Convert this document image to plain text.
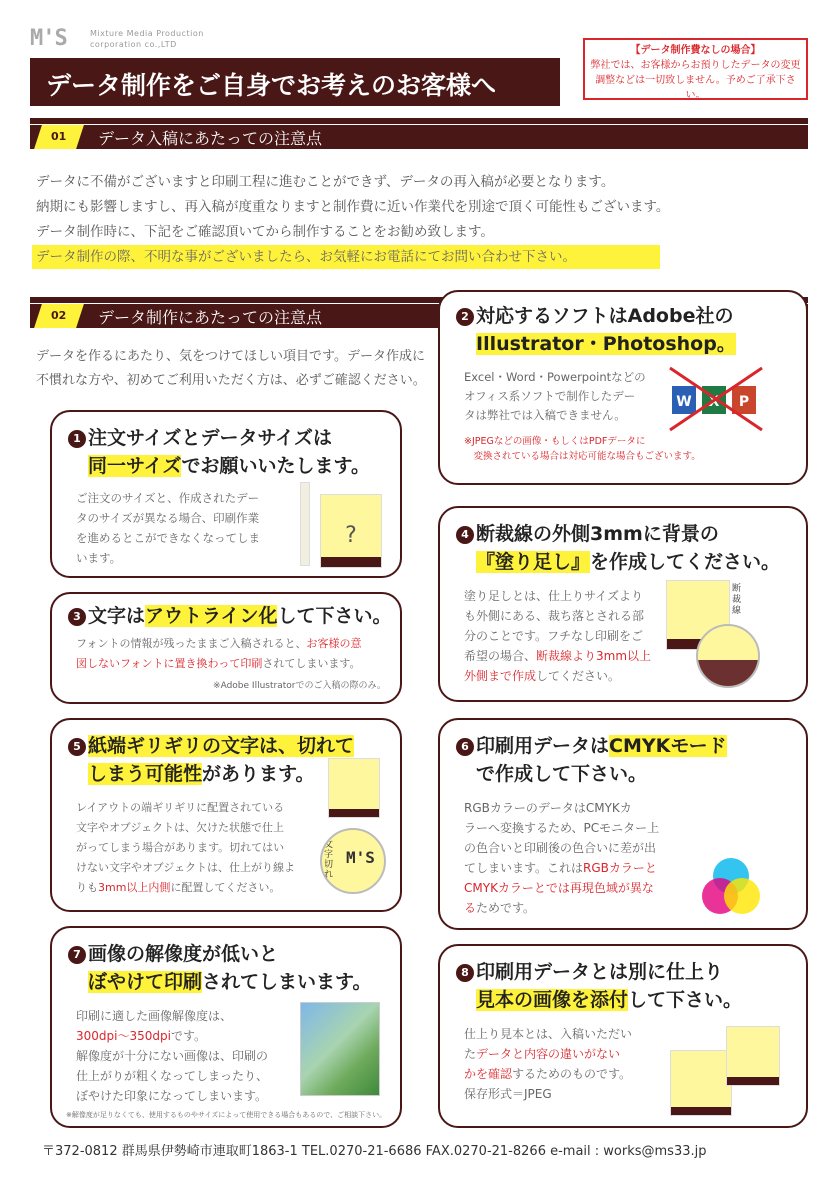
M'S	Mixture Media Production
corporation co.,LTD
データ制作をご自身でお考えのお客様へ
【データ制作費なしの場合】
弊社では、お客様からお預りしたデータの変更
調整などは一切致しません。予めご了承下さい。
01	データ入稿にあたっての注意点
データに不備がございますと印刷工程に進むことができず、データの再入稿が必要となります。
納期にも影響しますし、再入稿が度重なりますと制作費に近い作業代を別途で頂く可能性もございます。
データ制作時に、下記をご確認頂いてから制作することをお勧め致します。
データ制作の際、不明な事がございましたら、お気軽にお電話にてお問い合わせ下さい。
02	データ制作にあたっての注意点
データを作るにあたり、気をつけてほしい項目です。データ作成に
不慣れな方や、初めてご利用いただく方は、必ずご確認ください。
2 対応するソフトはAdobe社の
Illustrator・Photoshop。
Excel・Word・Powerpointなどの
オフィス系ソフトで制作したデー
タは弊社では入稿できません。
※JPEGなどの画像・もしくはPDFデータに
　変換されている場合は対応可能な場合もございます。
W	P
1 注文サイズとデータサイズは
同一サイズでお願いいたします。
ご注文のサイズと、作成されたデー
タのサイズが異なる場合、印刷作業
を進めるとこができなくなってしま
います。
?	4 断裁線の外側3mmに背景の
『塗り足し』を作成してください。
塗り足しとは、仕上りサイズより
も外側にある、裁ち落とされる部
分のことです。フチなし印刷をご
希望の場合、断裁線より3mm以上
外側まで作成してください。
断裁線
3 文字はアウトライン化して下さい。
フォントの情報が残ったままご入稿されると、お客様の意
図しないフォントに置き換わって印刷されてしまいます。
※Adobe Illustratorでのご入稿の際のみ。
5 紙端ギリギリの文字は、切れて
しまう可能性があります。
レイアウトの端ギリギリに配置されている
文字やオブジェクトは、欠けた状態で仕上
がってしまう場合があります。切れてはい
けない文字やオブジェクトは、仕上がり線よ
りも3mm以上内側に配置してください。
文字切れ
M'S
6 印刷用データはCMYKモード
で作成して下さい。
RGBカラーのデータはCMYKカ
ラーへ変換するため、PCモニター上
の色合いと印刷後の色合いに差が出
てしまいます。これはRGBカラーと
CMYKカラーとでは再現色域が異な
るためです。
7 画像の解像度が低いと
ぼやけて印刷されてしまいます。
印刷に適した画像解像度は、
300dpi〜350dpiです。
解像度が十分にない画像は、印刷の
仕上がりが粗くなってしまったり、
ぼやけた印象になってしまいます。
※解像度が足りなくても、使用するものやサイズによって使用できる場合もあるので、ご相談下さい。
8 印刷用データとは別に仕上り
見本の画像を添付して下さい。
仕上り見本とは、入稿いただい
たデータと内容の違いがない
かを確認するためのものです。
保存形式＝JPEG
〒372-0812 群馬県伊勢崎市連取町1863-1 TEL.0270-21-6686 FAX.0270-21-8266 e-mail : works@ms33.jp
